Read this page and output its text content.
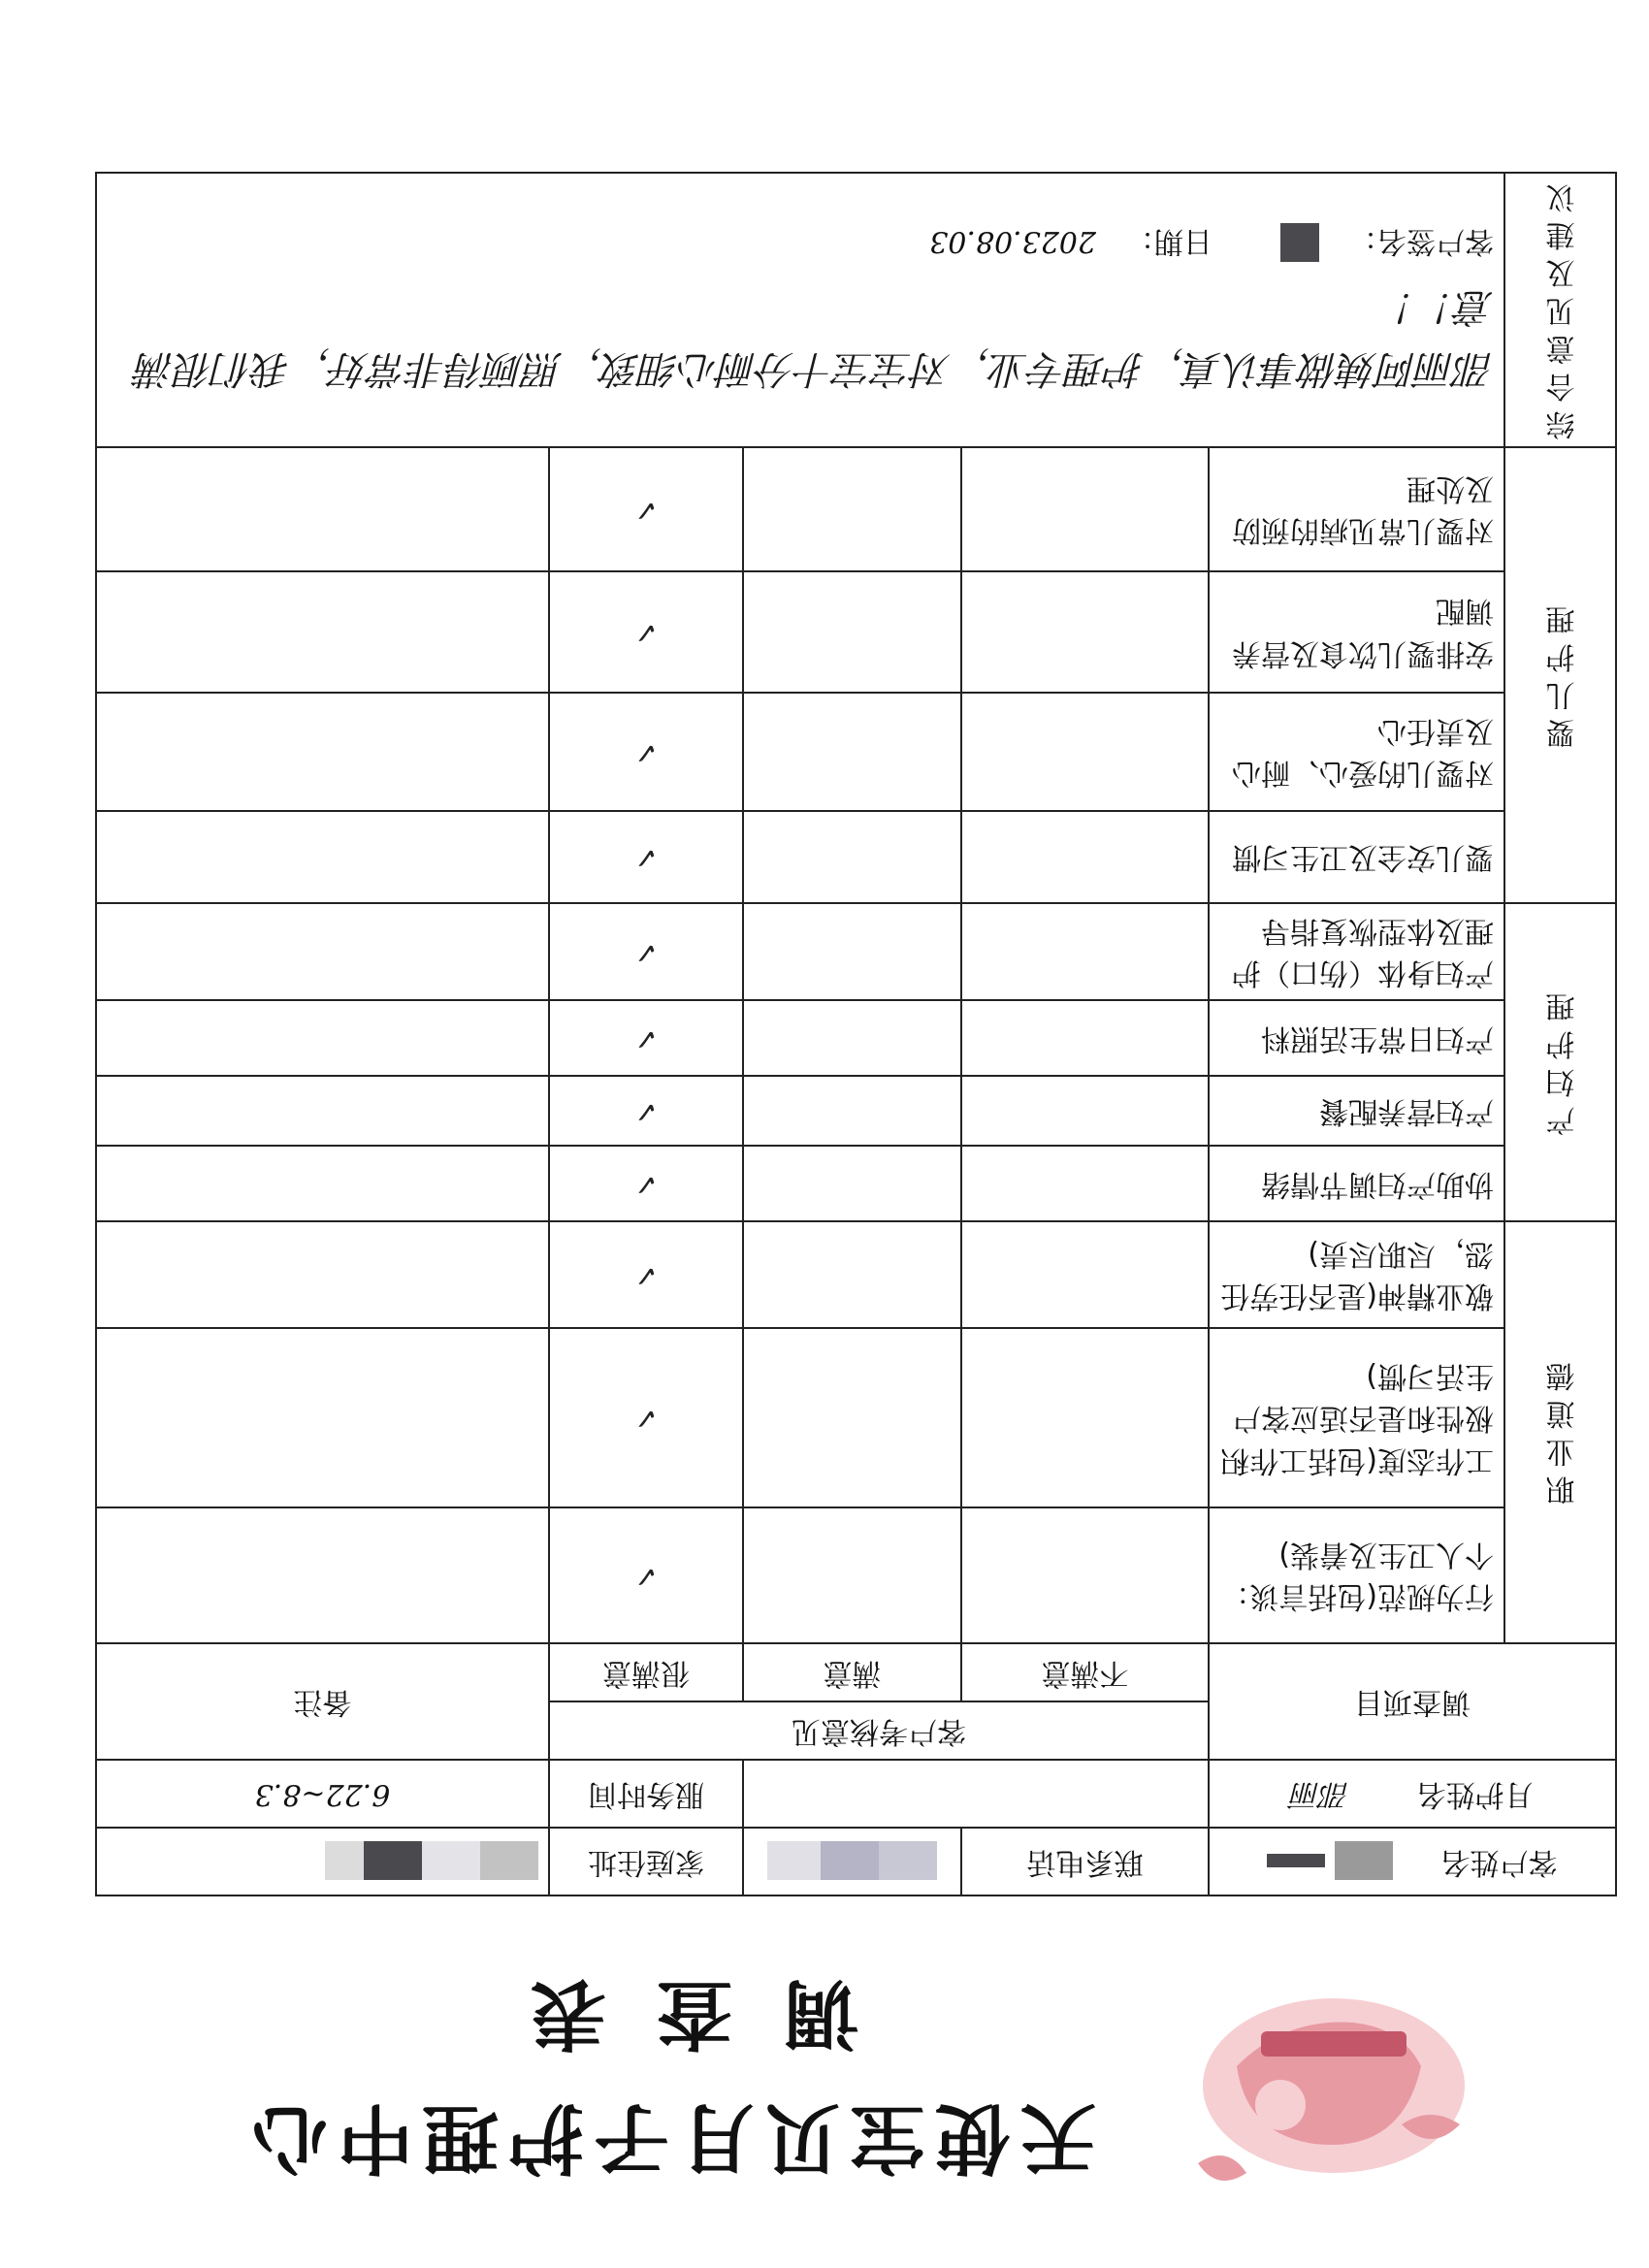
天使宝贝月子护理中心
调查表
客户姓名		联系电话		家庭住址	
月护姓名 邵丽				服务时间	6.22~8.3
调查项目		客户考核意见			备注
		不满意	满意	很满意	

职业道德	行为规范(包括言谈：个人卫生及着装)			✓	
	工作态度(包括工作积极性和是否适应客户生活习惯)			✓	
	敬业精神(是否任劳任怨，尽职尽责)			✓	

产妇护理	协助产妇调节情绪			✓	
	产妇营养配餐			✓	
	产妇日常生活照料			✓	
	产妇身体（伤口）护理及体型恢复指导			✓	

婴儿护理	婴儿安全及卫生习惯			✓	
	对婴儿的爱心、耐心及责任心			✓	
	安排婴儿饮食及营养调配			✓	
	对婴儿常见病的预防及处理			✓	

综合意见及建议	邵丽阿姨做事认真，护理专业，对宝宝十分耐心细致，照顾得非常好，我们很满意！！
客户签名：
日期：
2023.08.03				
